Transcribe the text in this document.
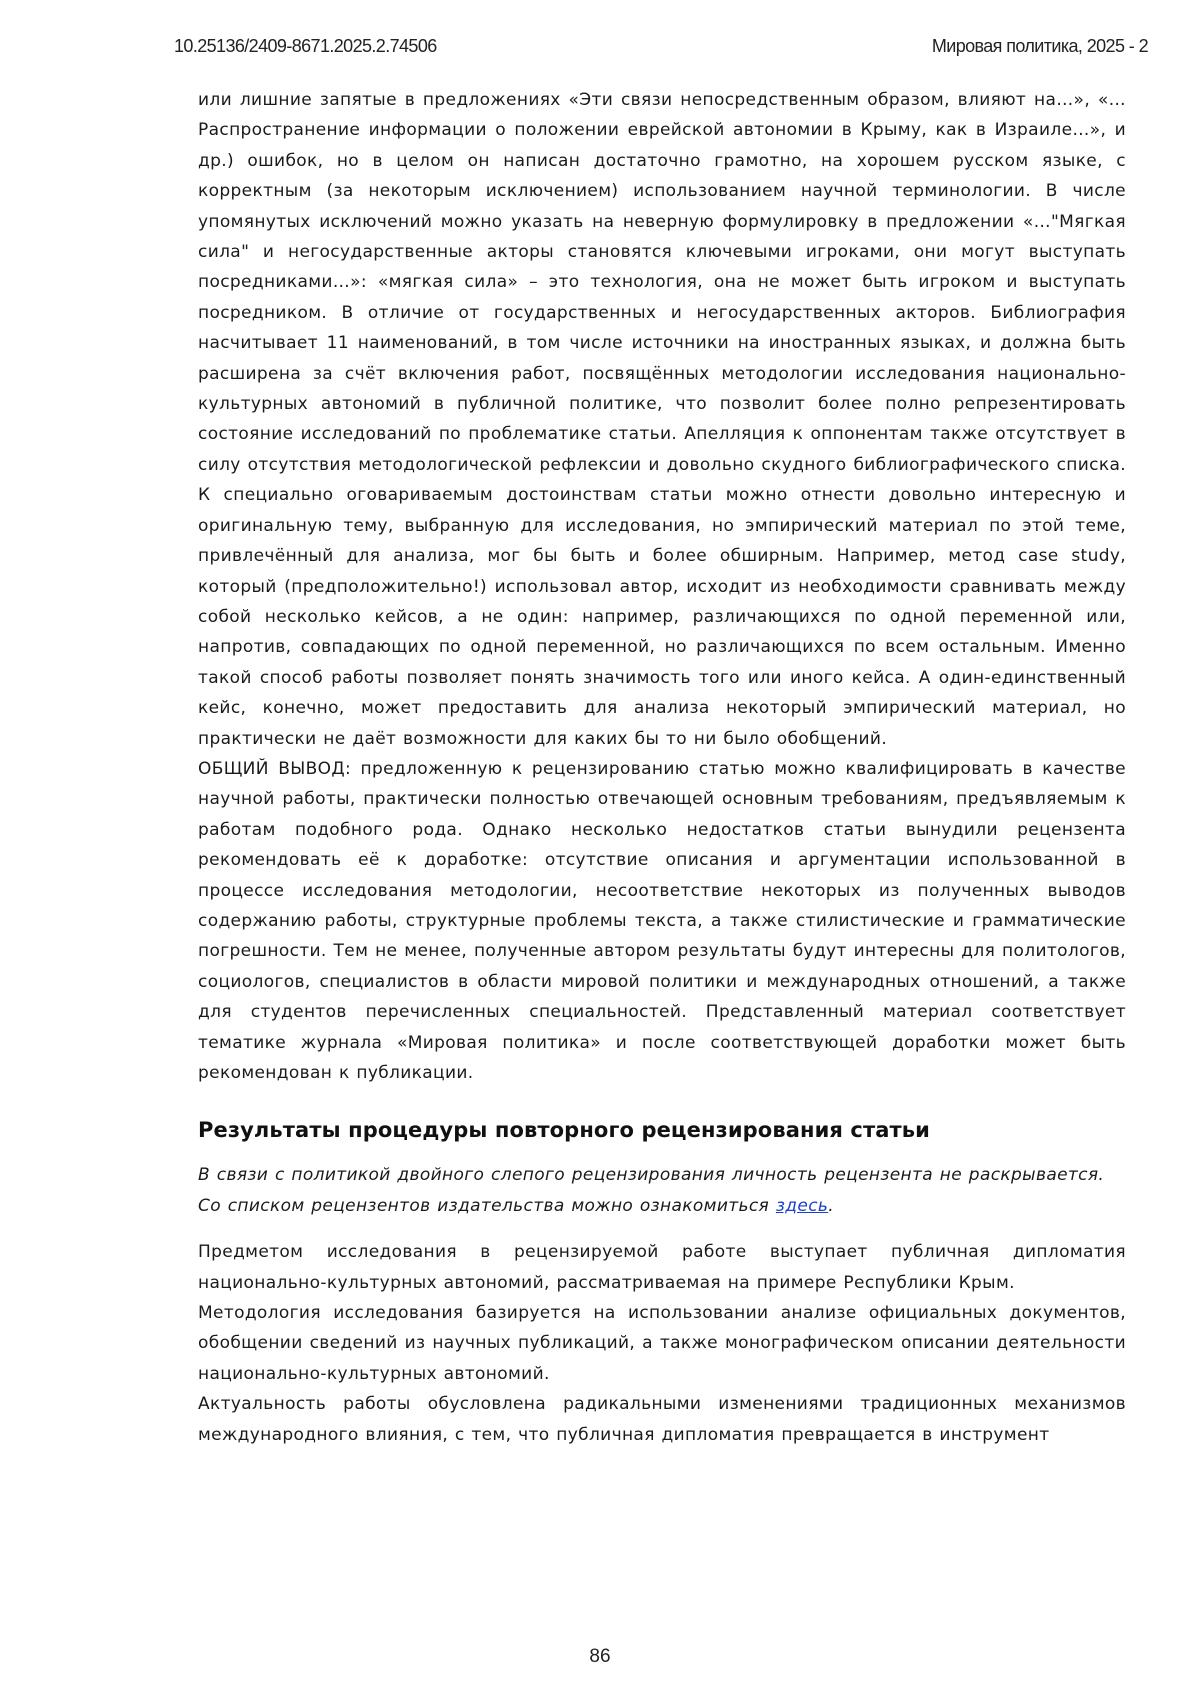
10.25136/2409-8671.2025.2.74506	Мировая политика, 2025 - 2

или лишние запятые в предложениях «Эти связи непосредственным образом, влияют на…», «…Распространение информации о положении еврейской автономии в Крыму, как в Израиле…», и др.) ошибок, но в целом он написан достаточно грамотно, на хорошем русском языке, с корректным (за некоторым исключением) использованием научной терминологии. В числе упомянутых исключений можно указать на неверную формулировку в предложении «…"Мягкая сила" и негосударственные акторы становятся ключевыми игроками, они могут выступать посредниками…»: «мягкая сила» – это технология, она не может быть игроком и выступать посредником. В отличие от государственных и негосударственных акторов. Библиография насчитывает 11 наименований, в том числе источники на иностранных языках, и должна быть расширена за счёт включения работ, посвящённых методологии исследования национально-культурных автономий в публичной политике, что позволит более полно репрезентировать состояние исследований по проблематике статьи. Апелляция к оппонентам также отсутствует в силу отсутствия методологической рефлексии и довольно скудного библиографического списка. К специально оговариваемым достоинствам статьи можно отнести довольно интересную и оригинальную тему, выбранную для исследования, но эмпирический материал по этой теме, привлечённый для анализа, мог бы быть и более обширным. Например, метод case study, который (предположительно!) использовал автор, исходит из необходимости сравнивать между собой несколько кейсов, а не один: например, различающихся по одной переменной или, напротив, совпадающих по одной переменной, но различающихся по всем остальным. Именно такой способ работы позволяет понять значимость того или иного кейса. А один-единственный кейс, конечно, может предоставить для анализа некоторый эмпирический материал, но практически не даёт возможности для каких бы то ни было обобщений.

ОБЩИЙ ВЫВОД: предложенную к рецензированию статью можно квалифицировать в качестве научной работы, практически полностью отвечающей основным требованиям, предъявляемым к работам подобного рода. Однако несколько недостатков статьи вынудили рецензента рекомендовать её к доработке: отсутствие описания и аргументации использованной в процессе исследования методологии, несоответствие некоторых из полученных выводов содержанию работы, структурные проблемы текста, а также стилистические и грамматические погрешности. Тем не менее, полученные автором результаты будут интересны для политологов, социологов, специалистов в области мировой политики и международных отношений, а также для студентов перечисленных специальностей. Представленный материал соответствует тематике журнала «Мировая политика» и после соответствующей доработки может быть рекомендован к публикации.

Результаты процедуры повторного рецензирования статьи

В связи с политикой двойного слепого рецензирования личность рецензента не раскрывается.

Со списком рецензентов издательства можно ознакомиться здесь.

Предметом исследования в рецензируемой работе выступает публичная дипломатия национально-культурных автономий, рассматриваемая на примере Республики Крым.

Методология исследования базируется на использовании анализе официальных документов, обобщении сведений из научных публикаций, а также монографическом описании деятельности национально-культурных автономий.

Актуальность работы обусловлена радикальными изменениями традиционных механизмов международного влияния, с тем, что публичная дипломатия превращается в инструмент

86
